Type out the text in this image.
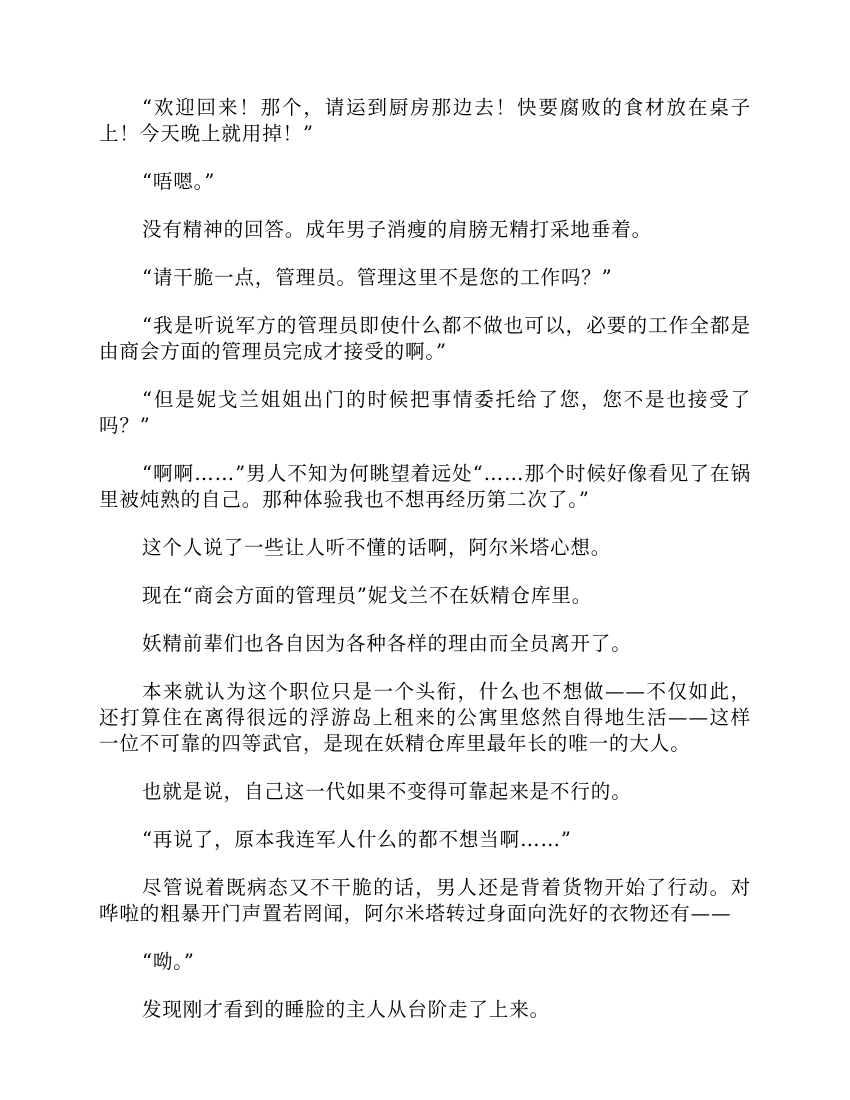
“欢迎回来！那个，请运到厨房那边去！快要腐败的食材放在桌子上！今天晚上就用掉！”

“唔嗯。”

没有精神的回答。成年男子消瘦的肩膀无精打采地垂着。

“请干脆一点，管理员。管理这里不是您的工作吗？”

“我是听说军方的管理员即使什么都不做也可以，必要的工作全都是由商会方面的管理员完成才接受的啊。”

“但是妮戈兰姐姐出门的时候把事情委托给了您，您不是也接受了吗？”

“啊啊……”男人不知为何眺望着远处“……那个时候好像看见了在锅里被炖熟的自己。那种体验我也不想再经历第二次了。”

这个人说了一些让人听不懂的话啊，阿尔米塔心想。

现在“商会方面的管理员”妮戈兰不在妖精仓库里。

妖精前辈们也各自因为各种各样的理由而全员离开了。

本来就认为这个职位只是一个头衔，什么也不想做——不仅如此，还打算住在离得很远的浮游岛上租来的公寓里悠然自得地生活——这样一位不可靠的四等武官，是现在妖精仓库里最年长的唯一的大人。

也就是说，自己这一代如果不变得可靠起来是不行的。

“再说了，原本我连军人什么的都不想当啊……”

尽管说着既病态又不干脆的话，男人还是背着货物开始了行动。对哗啦的粗暴开门声置若罔闻，阿尔米塔转过身面向洗好的衣物还有——

“呦。”

发现刚才看到的睡脸的主人从台阶走了上来。
